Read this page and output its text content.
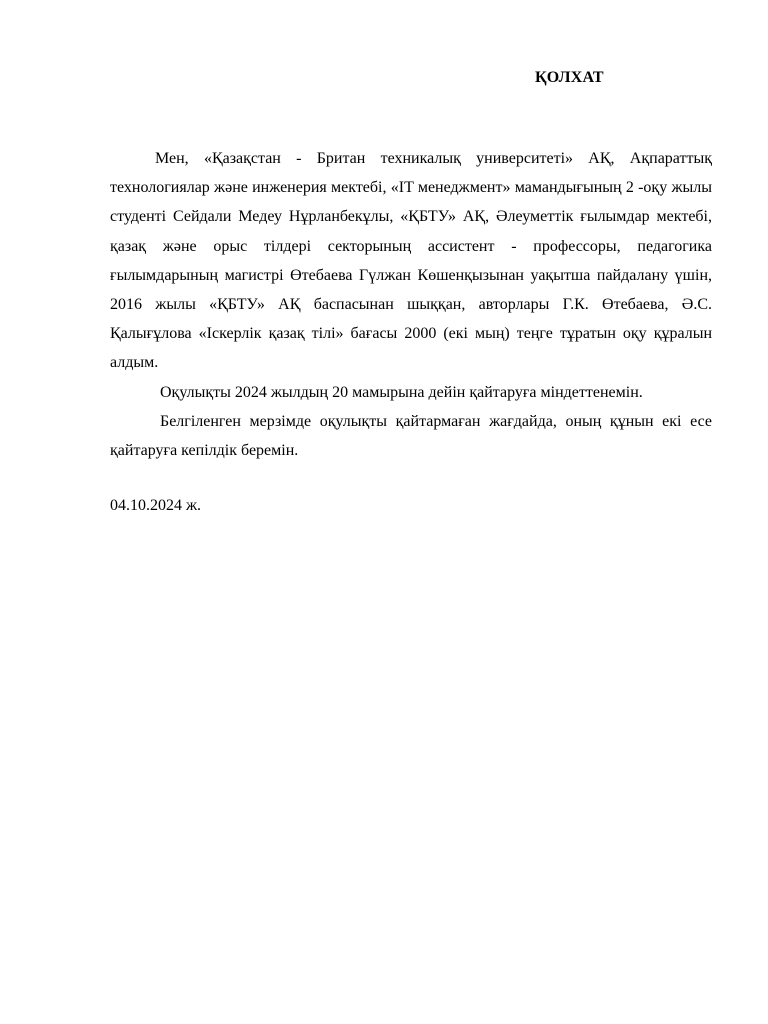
ҚОЛХАТ

Мен, «Қазақстан - Британ техникалық университеті» АҚ, Ақпараттық технологиялар және инженерия мектебі, «IT менеджмент» мамандығының 2 -оқу жылы студенті Сейдали Медеу Нұрланбекұлы, «ҚБТУ» АҚ, Әлеуметтік ғылымдар мектебі, қазақ және орыс тілдері секторының ассистент - профессоры, педагогика ғылымдарының магистрі Өтебаева Гүлжан Көшенқызынан уақытша пайдалану үшін, 2016 жылы «ҚБТУ» АҚ баспасынан шыққан, авторлары Г.К. Өтебаева, Ә.С. Қалығұлова «Іскерлік қазақ тілі» бағасы 2000 (екі мың) теңге тұратын оқу құралын алдым.

Оқулықты 2024 жылдың 20 мамырына дейін қайтаруға міндеттенемін.

Белгіленген мерзімде оқулықты қайтармаған жағдайда, оның құнын екі есе қайтаруға кепілдік беремін.

04.10.2024 ж.
